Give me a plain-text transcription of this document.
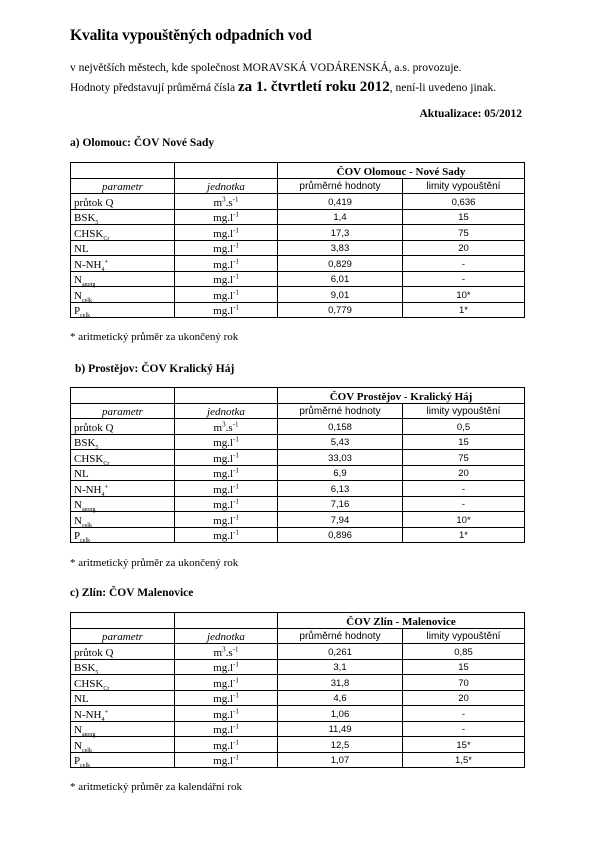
Kvalita vypouštěných odpadních vod
v největších městech, kde společnost MORAVSKÁ VODÁRENSKÁ, a.s. provozuje.
Hodnoty představují průměrná čísla za 1. čtvrtletí roku 2012, není-li uvedeno jinak.
Aktualizace: 05/2012
a) Olomouc: ČOV Nové Sady
		ČOV Olomouc - Nové Sady	
parametr	jednotka	průměrné hodnoty	limity vypouštění
průtok Q	$m^3.s^{-1}$	0,419	0,636
$BSK_5$	$mg.l^{-1}$	1,4	15
$CHSK_{Cr}$	$mg.l^{-1}$	17,3	75
NL	$mg.l^{-1}$	3,83	20
$N-NH_4^+$	$mg.l^{-1}$	0,829	-
$N_{anorg}$	$mg.l^{-1}$	6,01	-
$N_{celk}$	$mg.l^{-1}$	9,01	10*
$P_{celk}$	$mg.l^{-1}$	0,779	1*
* aritmetický průměr za ukončený rok
b) Prostějov: ČOV Kralický Háj
		ČOV Prostějov - Kralický Háj	
parametr	jednotka	průměrné hodnoty	limity vypouštění
průtok Q	$m^3.s^{-1}$	0,158	0,5
$BSK_5$	$mg.l^{-1}$	5,43	15
$CHSK_{Cr}$	$mg.l^{-1}$	33,03	75
NL	$mg.l^{-1}$	6,9	20
$N-NH_4^+$	$mg.l^{-1}$	6,13	-
$N_{anorg}$	$mg.l^{-1}$	7,16	-
$N_{celk}$	$mg.l^{-1}$	7,94	10*
$P_{celk}$	$mg.l^{-1}$	0,896	1*
* aritmetický průměr za ukončený rok
c) Zlín: ČOV Malenovice
		ČOV Zlín - Malenovice	
parametr	jednotka	průměrné hodnoty	limity vypouštění
průtok Q	$m^3.s^{-1}$	0,261	0,85
$BSK_5$	$mg.l^{-1}$	3,1	15
$CHSK_{Cr}$	$mg.l^{-1}$	31,8	70
NL	$mg.l^{-1}$	4,6	20
$N-NH_4^+$	$mg.l^{-1}$	1,06	-
$N_{anorg}$	$mg.l^{-1}$	11,49	-
$N_{celk}$	$mg.l^{-1}$	12,5	15*
$P_{celk}$	$mg.l^{-1}$	1,07	1,5*
* aritmetický průměr za kalendářní rok
